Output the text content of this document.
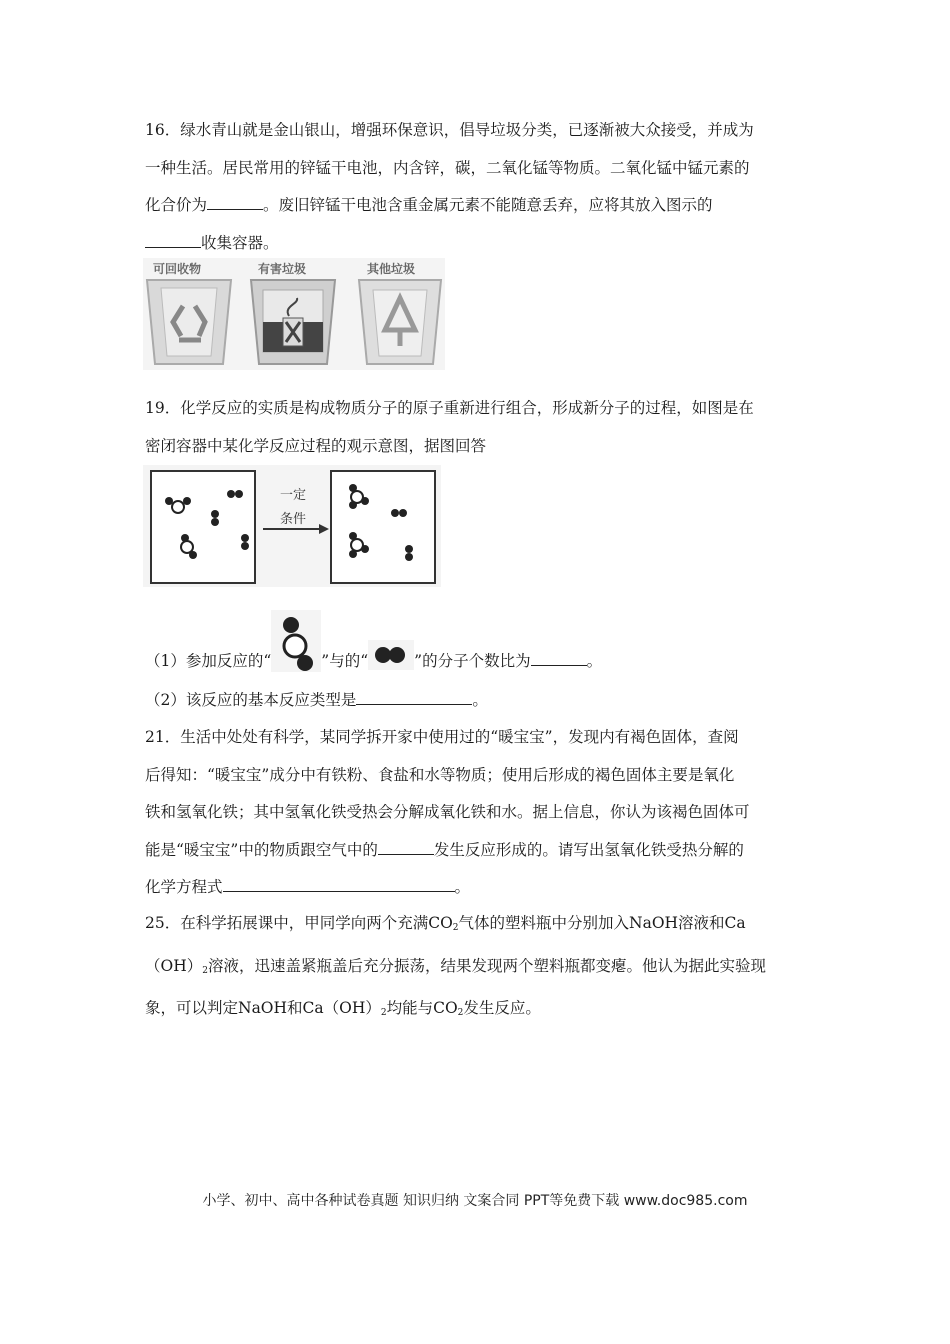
16．绿水青山就是金山银山，增强环保意识，倡导垃圾分类，已逐渐被大众接受，并成为
一种生活。居民常用的锌锰干电池，内含锌，碳，二氧化锰等物质。二氧化锰中锰元素的
化合价为	。废旧锌锰干电池含重金属元素不能随意丢弃，应将其放入图示的
收集容器。
可回收物	有害垃圾	其他垃圾
19．化学反应的实质是构成物质分子的原子重新进行组合，形成新分子的过程，如图是在
密闭容器中某化学反应过程的观示意图，据图回答
一定
条件
（1）参加反应的“	”与的“	”的分子个数比为	。
（2）该反应的基本反应类型是	。
21．生活中处处有科学，某同学拆开家中使用过的“暖宝宝”，发现内有褐色固体，查阅
后得知：“暖宝宝”成分中有铁粉、食盐和水等物质；使用后形成的褐色固体主要是氧化
铁和氢氧化铁；其中氢氧化铁受热会分解成氧化铁和水。据上信息，你认为该褐色固体可
能是“暖宝宝”中的物质跟空气中的	发生反应形成的。请写出氢氧化铁受热分解的
化学方程式	。
25．在科学拓展课中，甲同学向两个充满$CO_2$气体的塑料瓶中分别加入NaOH溶液和Ca
$(OH)_2$溶液，迅速盖紧瓶盖后充分振荡，结果发现两个塑料瓶都变瘪。他认为据此实验现
象，可以判定NaOH和$Ca(OH)_2$均能与$CO_2$发生反应。
小学、初中、高中各种试卷真题 知识归纳 文案合同 PPT等免费下载 www.doc985.com
